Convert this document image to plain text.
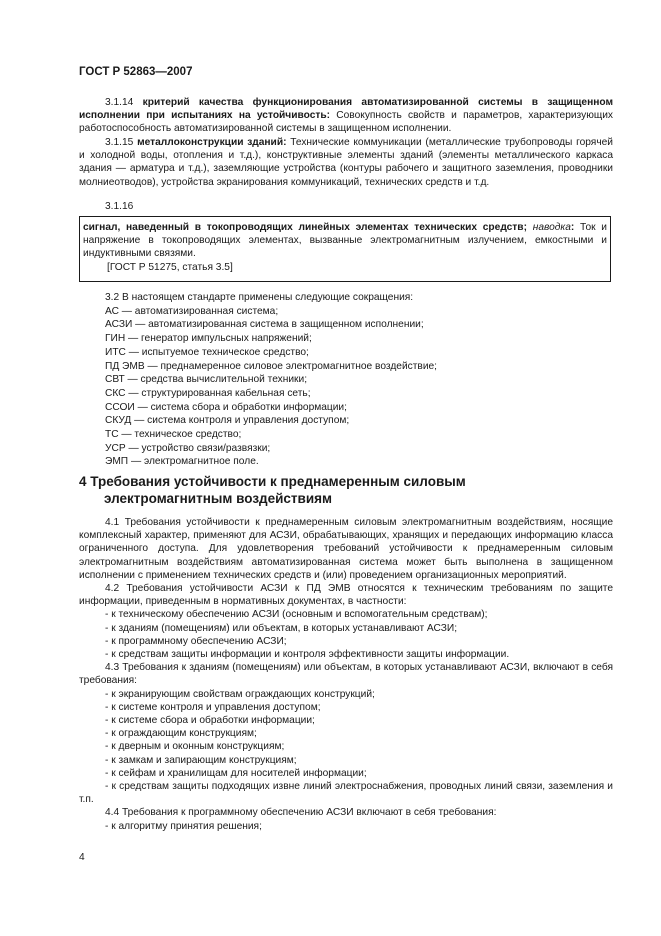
ГОСТ Р 52863—2007

3.1.14 критерий качества функционирования автоматизированной системы в защищенном исполнении при испытаниях на устойчивость: Совокупность свойств и параметров, характеризующих работоспособность автоматизированной системы в защищенном исполнении.

3.1.15 металлоконструкции зданий: Технические коммуникации (металлические трубопроводы горячей и холодной воды, отопления и т.д.), конструктивные элементы зданий (элементы металлического каркаса здания — арматура и т.д.), заземляющие устройства (контуры рабочего и защитного заземления, проводники молниеотводов), устройства экранирования коммуникаций, технических средств и т.д.

3.1.16

сигнал, наведенный в токопроводящих линейных элементах технических средств; наводка: Ток и напряжение в токопроводящих элементах, вызванные электромагнитным излучением, емкостными и индуктивными связями.

[ГОСТ Р 51275, статья 3.5]

3.2 В настоящем стандарте применены следующие сокращения:
АС — автоматизированная система;
АСЗИ — автоматизированная система в защищенном исполнении;
ГИН — генератор импульсных напряжений;
ИТС — испытуемое техническое средство;
ПД ЭМВ — преднамеренное силовое электромагнитное воздействие;
СВТ — средства вычислительной техники;
СКС — структурированная кабельная сеть;
ССОИ — система сбора и обработки информации;
СКУД — система контроля и управления доступом;
ТС — техническое средство;
УСР — устройство связи/развязки;
ЭМП — электромагнитное поле.
4 Требования устойчивости к преднамеренным силовым
электромагнитным воздействиям

4.1 Требования устойчивости к преднамеренным силовым электромагнитным воздействиям, носящие комплексный характер, применяют для АСЗИ, обрабатывающих, хранящих и передающих информацию класса ограниченного доступа. Для удовлетворения требований устойчивости к преднамеренным силовым электромагнитным воздействиям автоматизированная система может быть выполнена в защищенном исполнении с применением технических средств и (или) проведением организационных мероприятий.

4.2 Требования устойчивости АСЗИ к ПД ЭМВ относятся к техническим требованиям по защите информации, приведенным в нормативных документах, в частности:

- к техническому обеспечению АСЗИ (основным и вспомогательным средствам);

- к зданиям (помещениям) или объектам, в которых устанавливают АСЗИ;

- к программному обеспечению АСЗИ;

- к средствам защиты информации и контроля эффективности защиты информации.

4.3 Требования к зданиям (помещениям) или объектам, в которых устанавливают АСЗИ, включают в себя требования:

- к экранирующим свойствам ограждающих конструкций;

- к системе контроля и управления доступом;

- к системе сбора и обработки информации;

- к ограждающим конструкциям;

- к дверным и оконным конструкциям;

- к замкам и запирающим конструкциям;

- к сейфам и хранилищам для носителей информации;

- к средствам защиты подходящих извне линий электроснабжения, проводных линий связи, заземления и т.п.

4.4 Требования к программному обеспечению АСЗИ включают в себя требования:

- к алгоритму принятия решения;

4
